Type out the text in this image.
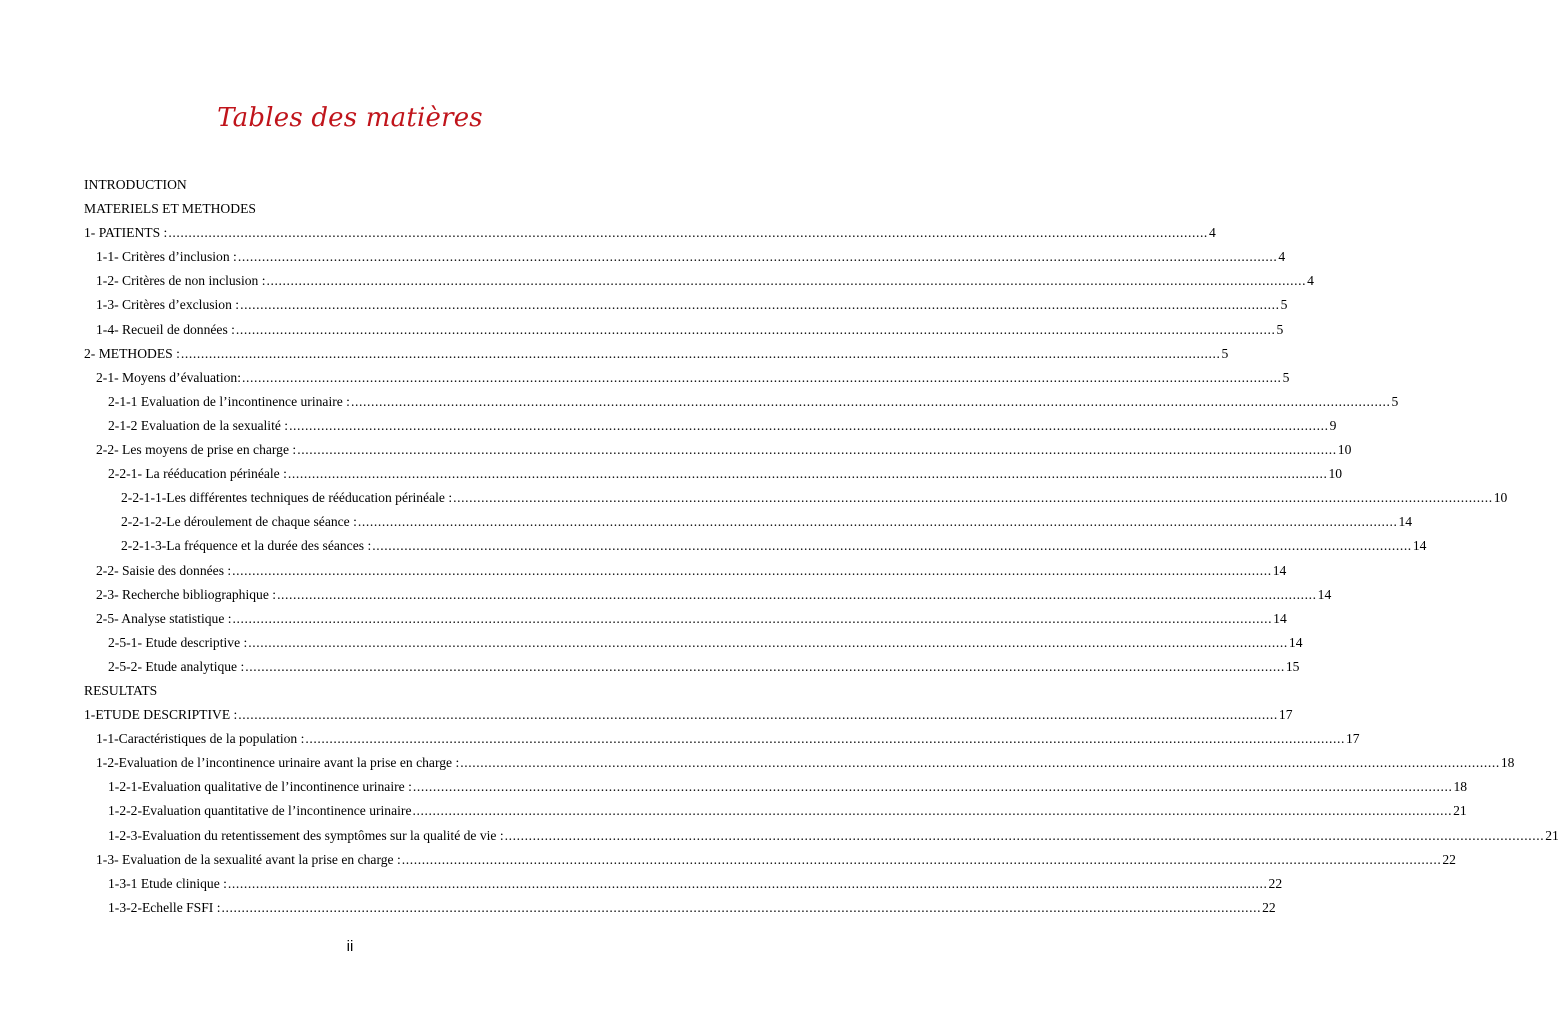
Tables des matières
INTRODUCTION
MATERIELS ET METHODES
1- PATIENTS : .................................................................................................................................................................................................................................................................... 4
1-1- Critères d’inclusion : .................................................................................................................................................................................................................................................................... 4
1-2- Critères de non inclusion : .................................................................................................................................................................................................................................................................... 4
1-3- Critères d’exclusion : .................................................................................................................................................................................................................................................................... 5
1-4- Recueil de données : .................................................................................................................................................................................................................................................................... 5
2- METHODES : .................................................................................................................................................................................................................................................................... 5
2-1- Moyens d’évaluation: .................................................................................................................................................................................................................................................................... 5
2-1-1 Evaluation de l’incontinence urinaire : .................................................................................................................................................................................................................................................................... 5
2-1-2 Evaluation de la sexualité : .................................................................................................................................................................................................................................................................... 9
2-2- Les moyens de prise en charge : .................................................................................................................................................................................................................................................................... 10
2-2-1- La rééducation périnéale : .................................................................................................................................................................................................................................................................... 10
2-2-1-1-Les différentes techniques de rééducation périnéale : .................................................................................................................................................................................................................................................................... 10
2-2-1-2-Le déroulement de chaque séance : .................................................................................................................................................................................................................................................................... 14
2-2-1-3-La fréquence et la durée des séances : .................................................................................................................................................................................................................................................................... 14
2-2- Saisie des données : .................................................................................................................................................................................................................................................................... 14
2-3- Recherche bibliographique : .................................................................................................................................................................................................................................................................... 14
2-5- Analyse statistique : .................................................................................................................................................................................................................................................................... 14
2-5-1- Etude descriptive : .................................................................................................................................................................................................................................................................... 14
2-5-2- Etude analytique : .................................................................................................................................................................................................................................................................... 15
RESULTATS
1-ETUDE DESCRIPTIVE : .................................................................................................................................................................................................................................................................... 17
1-1-Caractéristiques de la population : .................................................................................................................................................................................................................................................................... 17
1-2-Evaluation de l’incontinence urinaire avant la prise en charge : .................................................................................................................................................................................................................................................................... 18
1-2-1-Evaluation qualitative de l’incontinence urinaire : .................................................................................................................................................................................................................................................................... 18
1-2-2-Evaluation quantitative de l’incontinence urinaire .................................................................................................................................................................................................................................................................... 21
1-2-3-Evaluation du retentissement des symptômes sur la qualité de vie : .................................................................................................................................................................................................................................................................... 21
1-3- Evaluation de la sexualité avant la prise en charge : .................................................................................................................................................................................................................................................................... 22
1-3-1 Etude clinique : .................................................................................................................................................................................................................................................................... 22
1-3-2-Echelle FSFI : .................................................................................................................................................................................................................................................................... 22
ii
